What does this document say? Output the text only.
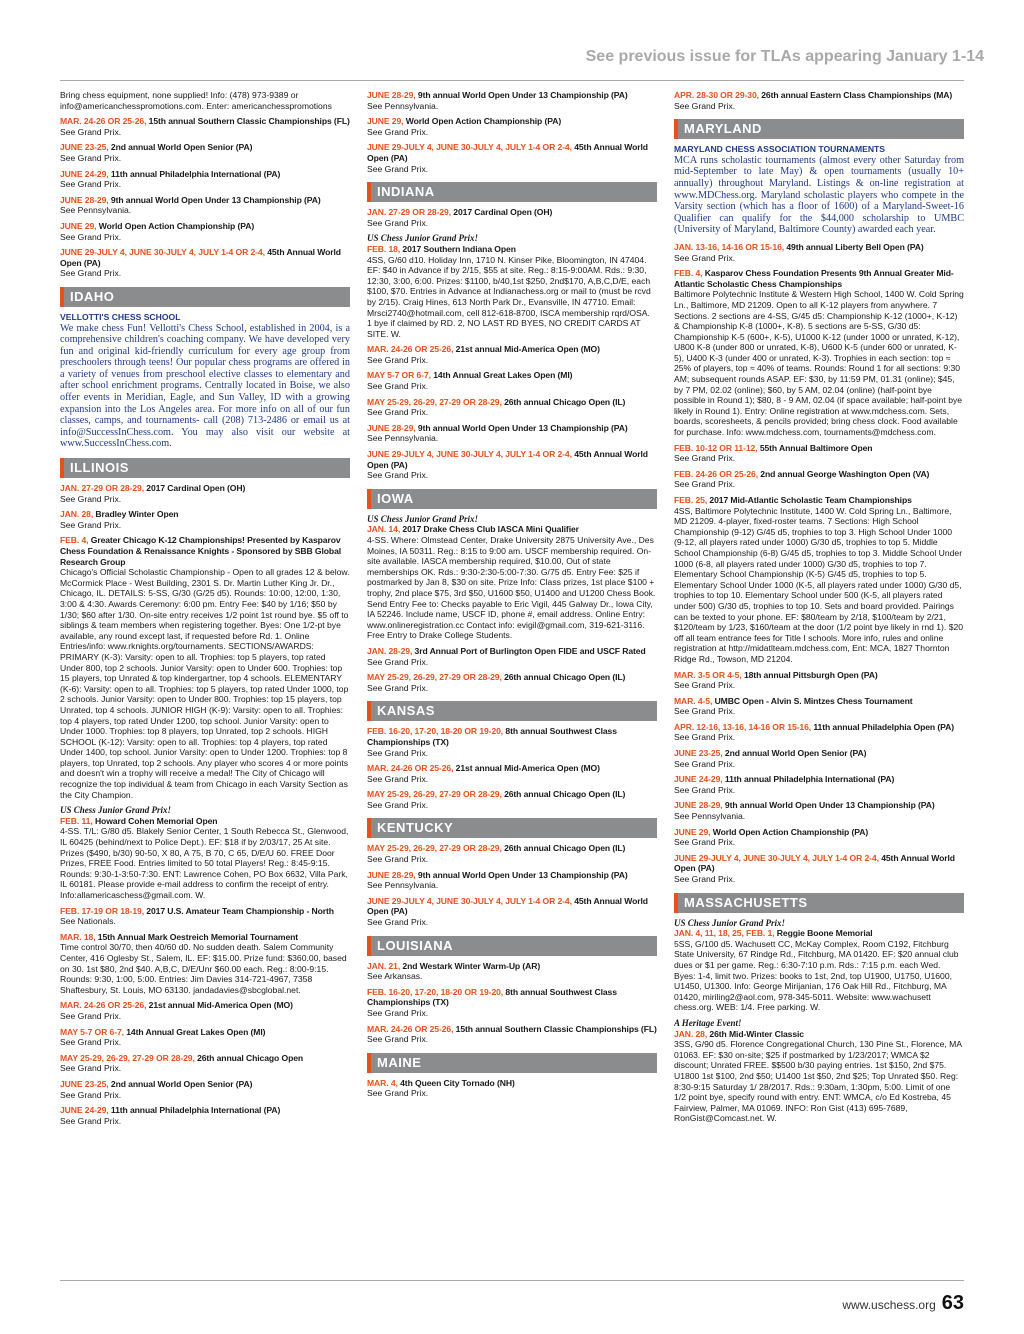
See previous issue for TLAs appearing January 1-14
Bring chess equipment, none supplied! Info: (478) 973-9389 or info@americanchesspromotions.com. Enter: americanchesspromotions
MAR. 24-26 OR 25-26, 15th annual Southern Classic Championships (FL)
See Grand Prix.
JUNE 23-25, 2nd annual World Open Senior (PA)
See Grand Prix.
JUNE 24-29, 11th annual Philadelphia International (PA)
See Grand Prix.
JUNE 28-29, 9th annual World Open Under 13 Championship (PA)
See Pennsylvania.
JUNE 29, World Open Action Championship (PA)
See Grand Prix.
JUNE 29-JULY 4, JUNE 30-JULY 4, JULY 1-4 OR 2-4, 45th Annual World Open (PA)
See Grand Prix.
IDAHO
VELLOTTI'S CHESS SCHOOL
We make chess Fun! Vellotti's Chess School, established in 2004, is a comprehensive children's coaching company. We have developed very fun and original kid-friendly curriculum for every age group from preschoolers through teens! Our popular chess programs are offered in a variety of venues from preschool elective classes to elementary and after school enrichment programs. Centrally located in Boise, we also offer events in Meridian, Eagle, and Sun Valley, ID with a growing expansion into the Los Angeles area. For more info on all of our fun classes, camps, and tournaments- call (208) 713-2486 or email us at info@SuccessInChess.com. You may also visit our website at www.SuccessInChess.com.
ILLINOIS
JAN. 27-29 OR 28-29, 2017 Cardinal Open (OH)
See Grand Prix.
JAN. 28, Bradley Winter Open
See Grand Prix.
FEB. 4, Greater Chicago K-12 Championships! Presented by Kasparov Chess Foundation & Renaissance Knights - Sponsored by SBB Global Research Group
Chicago's Official Scholastic Championship - Open to all grades 12 & below. McCormick Place - West Building, 2301 S. Dr. Martin Luther King Jr. Dr., Chicago, IL. DETAILS: 5-SS, G/30 (G/25 d5). Rounds: 10:00, 12:00, 1:30, 3:00 & 4:30. Awards Ceremony: 6:00 pm. Entry Fee: $40 by 1/16; $50 by 1/30; $60 after 1/30. On-site entry receives 1/2 point 1st round bye. $5 off to siblings & team members when registering together. Byes: One 1/2-pt bye available, any round except last, if requested before Rd. 1. Online Entries/info: www.rknights.org/tournaments. SECTIONS/AWARDS: PRIMARY (K-3): Varsity: open to all. Trophies: top 5 players, top rated Under 800, top 2 schools. Junior Varsity: open to Under 600. Trophies: top 15 players, top Unrated & top kindergartner, top 4 schools. ELEMENTARY (K-6): Varsity: open to all. Trophies: top 5 players, top rated Under 1000, top 2 schools. Junior Varsity: open to Under 800. Trophies: top 15 players, top Unrated, top 4 schools. JUNIOR HIGH (K-9): Varsity: open to all. Trophies: top 4 players, top rated Under 1200, top school. Junior Varsity: open to Under 1000. Trophies: top 8 players, top Unrated, top 2 schools. HIGH SCHOOL (K-12): Varsity: open to all. Trophies: top 4 players, top rated Under 1400, top school. Junior Varsity: open to Under 1200. Trophies: top 8 players, top Unrated, top 2 schools. Any player who scores 4 or more points and doesn't win a trophy will receive a medal! The City of Chicago will recognize the top individual & team from Chicago in each Varsity Section as the City Champion.
US Chess Junior Grand Prix!
FEB. 11, Howard Cohen Memorial Open
4-SS. T/L: G/80 d5. Blakely Senior Center, 1 South Rebecca St., Glenwood, IL 60425 (behind/next to Police Dept.). EF: $18 if by 2/03/17, 25 At site. Prizes ($490, b/30) 90-50, X 80, A 75, B 70, C 65, D/E/U 60. FREE Door Prizes, FREE Food. Entries limited to 50 total Players! Reg.: 8:45-9:15. Rounds: 9:30-1-3:50-7:30. ENT: Lawrence Cohen, PO Box 6632, Villa Park, IL 60181. Please provide e-mail address to confirm the receipt of entry. Info:allamericaschess@gmail.com. W.
FEB. 17-19 OR 18-19, 2017 U.S. Amateur Team Championship - North
See Nationals.
MAR. 18, 15th Annual Mark Oestreich Memorial Tournament
Time control 30/70, then 40/60 d0. No sudden death. Salem Community Center, 416 Oglesby St., Salem, IL. EF: $15.00. Prize fund: $360.00, based on 30. 1st $80, 2nd $40. A,B,C, D/E/Unr $60.00 each. Reg.: 8:00-9:15. Rounds: 9:30, 1:00, 5:00. Entries: Jim Davies 314-721-4967, 7358 Shaftesbury, St. Louis, MO 63130. jandadavies@sbcglobal.net.
MAR. 24-26 OR 25-26, 21st annual Mid-America Open (MO)
See Grand Prix.
MAY 5-7 OR 6-7, 14th Annual Great Lakes Open (MI)
See Grand Prix.
MAY 25-29, 26-29, 27-29 OR 28-29, 26th annual Chicago Open
See Grand Prix.
JUNE 23-25, 2nd annual World Open Senior (PA)
See Grand Prix.
JUNE 24-29, 11th annual Philadelphia International (PA)
See Grand Prix.
JUNE 28-29, 9th annual World Open Under 13 Championship (PA)
See Pennsylvania.
JUNE 29, World Open Action Championship (PA)
See Grand Prix.
JUNE 29-JULY 4, JUNE 30-JULY 4, JULY 1-4 OR 2-4, 45th Annual World Open (PA)
See Grand Prix.
INDIANA
JAN. 27-29 OR 28-29, 2017 Cardinal Open (OH)
See Grand Prix.
US Chess Junior Grand Prix!
FEB. 18, 2017 Southern Indiana Open
4SS, G/60 d10. Holiday Inn, 1710 N. Kinser Pike, Bloomington, IN 47404. EF: $40 in Advance if by 2/15, $55 at site. Reg.: 8:15-9:00AM. Rds.: 9:30, 12:30, 3:00, 6:00. Prizes: $1100, b/40,1st $250, 2nd$170, A,B,C,D/E, each $100, $70. Entries in Advance at Indianachess.org or mail to (must be rcvd by 2/15). Craig Hines, 613 North Park Dr., Evansville, IN 47710. Email: Mrsci2740@hotmail.com, cell 812-618-8700, ISCA membership rqrd/OSA. 1 bye if claimed by RD. 2, NO LAST RD BYES, NO CREDIT CARDS AT SITE. W.
MAR. 24-26 OR 25-26, 21st annual Mid-America Open (MO)
See Grand Prix.
MAY 5-7 OR 6-7, 14th Annual Great Lakes Open (MI)
See Grand Prix.
MAY 25-29, 26-29, 27-29 OR 28-29, 26th annual Chicago Open (IL)
See Grand Prix.
JUNE 28-29, 9th annual World Open Under 13 Championship (PA)
See Pennsylvania.
JUNE 29-JULY 4, JUNE 30-JULY 4, JULY 1-4 OR 2-4, 45th Annual World Open (PA)
See Grand Prix.
IOWA
US Chess Junior Grand Prix!
JAN. 14, 2017 Drake Chess Club IASCA Mini Qualifier
4-SS. Where: Olmstead Center, Drake University 2875 University Ave., Des Moines, IA 50311. Reg.: 8:15 to 9:00 am. USCF membership required. On-site available. IASCA membership required, $10.00, Out of state memberships OK. Rds.: 9:30-2:30-5:00-7:30. G/75 d5. Entry Fee: $25 if postmarked by Jan 8, $30 on site. Prize Info: Class prizes, 1st place $100 + trophy, 2nd place $75, 3rd $50, U1600 $50, U1400 and U1200 Chess Book. Send Entry Fee to: Checks payable to Eric Vigil, 445 Galway Dr., Iowa City, IA 52246. Include name, USCF ID, phone #, email address. Online Entry: www.onlineregistration.cc Contact info: evigil@gmail.com, 319-621-3116. Free Entry to Drake College Students.
JAN. 28-29, 3rd Annual Port of Burlington Open FIDE and USCF Rated
See Grand Prix.
MAY 25-29, 26-29, 27-29 OR 28-29, 26th annual Chicago Open (IL)
See Grand Prix.
KANSAS
FEB. 16-20, 17-20, 18-20 OR 19-20, 8th annual Southwest Class Championships (TX)
See Grand Prix.
MAR. 24-26 OR 25-26, 21st annual Mid-America Open (MO)
See Grand Prix.
MAY 25-29, 26-29, 27-29 OR 28-29, 26th annual Chicago Open (IL)
See Grand Prix.
KENTUCKY
MAY 25-29, 26-29, 27-29 OR 28-29, 26th annual Chicago Open (IL)
See Grand Prix.
JUNE 28-29, 9th annual World Open Under 13 Championship (PA)
See Pennsylvania.
JUNE 29-JULY 4, JUNE 30-JULY 4, JULY 1-4 OR 2-4, 45th Annual World Open (PA)
See Grand Prix.
LOUISIANA
JAN. 21, 2nd Westark Winter Warm-Up (AR)
See Arkansas.
FEB. 16-20, 17-20, 18-20 OR 19-20, 8th annual Southwest Class Championships (TX)
See Grand Prix.
MAR. 24-26 OR 25-26, 15th annual Southern Classic Championships (FL)
See Grand Prix.
MAINE
MAR. 4, 4th Queen City Tornado (NH)
See Grand Prix.
APR. 28-30 OR 29-30, 26th annual Eastern Class Championships (MA)
See Grand Prix.
MARYLAND
MARYLAND CHESS ASSOCIATION TOURNAMENTS
MCA runs scholastic tournaments (almost every other Saturday from mid-September to late May) & open tournaments (usually 10+ annually) throughout Maryland. Listings & on-line registration at www.MDChess.org. Maryland scholastic players who compete in the Varsity section (which has a floor of 1600) of a Maryland-Sweet-16 Qualifier can qualify for the $44,000 scholarship to UMBC (University of Maryland, Baltimore County) awarded each year.
JAN. 13-16, 14-16 OR 15-16, 49th annual Liberty Bell Open (PA)
See Grand Prix.
FEB. 4, Kasparov Chess Foundation Presents 9th Annual Greater Mid-Atlantic Scholastic Chess Championships
Baltimore Polytechnic Institute & Western High School, 1400 W. Cold Spring Ln., Baltimore, MD 21209. Open to all K-12 players from anywhere. 7 Sections. 2 sections are 4-SS, G/45 d5: Championship K-12 (1000+, K-12) & Championship K-8 (1000+, K-8). 5 sections are 5-SS, G/30 d5: Championship K-5 (600+, K-5), U1000 K-12 (under 1000 or unrated, K-12), U800 K-8 (under 800 or unrated, K-8), U600 K-5 (under 600 or unrated, K-5), U400 K-3 (under 400 or unrated, K-3). Trophies in each section: top ≈ 25% of players, top ≈ 40% of teams. Rounds: Round 1 for all sections: 9:30 AM; subsequent rounds ASAP. EF: $30, by 11:59 PM, 01.31 (online); $45, by 7 PM, 02.02 (online); $60, by 5 AM, 02.04 (online) (half-point bye possible in Round 1); $80, 8 - 9 AM, 02.04 (if space available; half-point bye likely in Round 1). Entry: Online registration at www.mdchess.com. Sets, boards, scoresheets, & pencils provided; bring chess clock. Food available for purchase. Info: www.mdchess.com, tournaments@mdchess.com.
FEB. 10-12 OR 11-12, 55th Annual Baltimore Open
See Grand Prix.
FEB. 24-26 OR 25-26, 2nd annual George Washington Open (VA)
See Grand Prix.
FEB. 25, 2017 Mid-Atlantic Scholastic Team Championships
4SS, Baltimore Polytechnic Institute, 1400 W. Cold Spring Ln., Baltimore, MD 21209. 4-player, fixed-roster teams. 7 Sections: High School Championship (9-12) G/45 d5, trophies to top 3. High School Under 1000 (9-12, all players rated under 1000) G/30 d5, trophies to top 5. Middle School Championship (6-8) G/45 d5, trophies to top 3. Middle School Under 1000 (6-8, all players rated under 1000) G/30 d5, trophies to top 7. Elementary School Championship (K-5) G/45 d5, trophies to top 5. Elementary School Under 1000 (K-5, all players rated under 1000) G/30 d5, trophies to top 10. Elementary School under 500 (K-5, all players rated under 500) G/30 d5, trophies to top 10. Sets and board provided. Pairings can be texted to your phone. EF: $80/team by 2/18, $100/team by 2/21, $120/team by 1/23, $160/team at the door (1/2 point bye likely in rnd 1). $20 off all team entrance fees for Title I schools. More info, rules and online registration at http://midatlteam.mdchess.com, Ent: MCA, 1827 Thornton Ridge Rd., Towson, MD 21204.
MAR. 3-5 OR 4-5, 18th annual Pittsburgh Open (PA)
See Grand Prix.
MAR. 4-5, UMBC Open - Alvin S. Mintzes Chess Tournament
See Grand Prix.
APR. 12-16, 13-16, 14-16 OR 15-16, 11th annual Philadelphia Open (PA)
See Grand Prix.
JUNE 23-25, 2nd annual World Open Senior (PA)
See Grand Prix.
JUNE 24-29, 11th annual Philadelphia International (PA)
See Grand Prix.
JUNE 28-29, 9th annual World Open Under 13 Championship (PA)
See Pennsylvania.
JUNE 29, World Open Action Championship (PA)
See Grand Prix.
JUNE 29-JULY 4, JUNE 30-JULY 4, JULY 1-4 OR 2-4, 45th Annual World Open (PA)
See Grand Prix.
MASSACHUSETTS
US Chess Junior Grand Prix!
JAN. 4, 11, 18, 25, FEB. 1, Reggie Boone Memorial
5SS, G/100 d5. Wachusett CC, McKay Complex, Room C192, Fitchburg State University, 67 Rindge Rd., Fitchburg, MA 01420. EF: $20 annual club dues or $1 per game. Reg.: 6:30-7:10 p.m. Rds.: 7:15 p.m. each Wed. Byes: 1-4, limit two. Prizes: books to 1st, 2nd, top U1900, U1750, U1600, U1450, U1300. Info: George Mirijanian, 176 Oak Hill Rd., Fitchburg, MA 01420, miriling2@aol.com, 978-345-5011. Website: www.wachusett chess.org. WEB: 1/4. Free parking. W.
A Heritage Event!
JAN. 28, 26th Mid-Winter Classic
3SS, G/90 d5. Florence Congregational Church, 130 Pine St., Florence, MA 01063. EF: $30 on-site; $25 if postmarked by 1/23/2017; WMCA $2 discount; Unrated FREE. $$500 b/30 paying entries. 1st $150, 2nd $75. U1800 1st $100, 2nd $50; U1400 1st $50, 2nd $25; Top Unrated $50. Reg: 8:30-9:15 Saturday 1/ 28/2017. Rds.: 9:30am, 1:30pm, 5:00. Limit of one 1/2 point bye, specify round with entry. ENT: WMCA, c/o Ed Kostreba, 45 Fairview, Palmer, MA 01069. INFO: Ron Gist (413) 695-7689, RonGist@Comcast.net. W.
www.uschess.org 63
